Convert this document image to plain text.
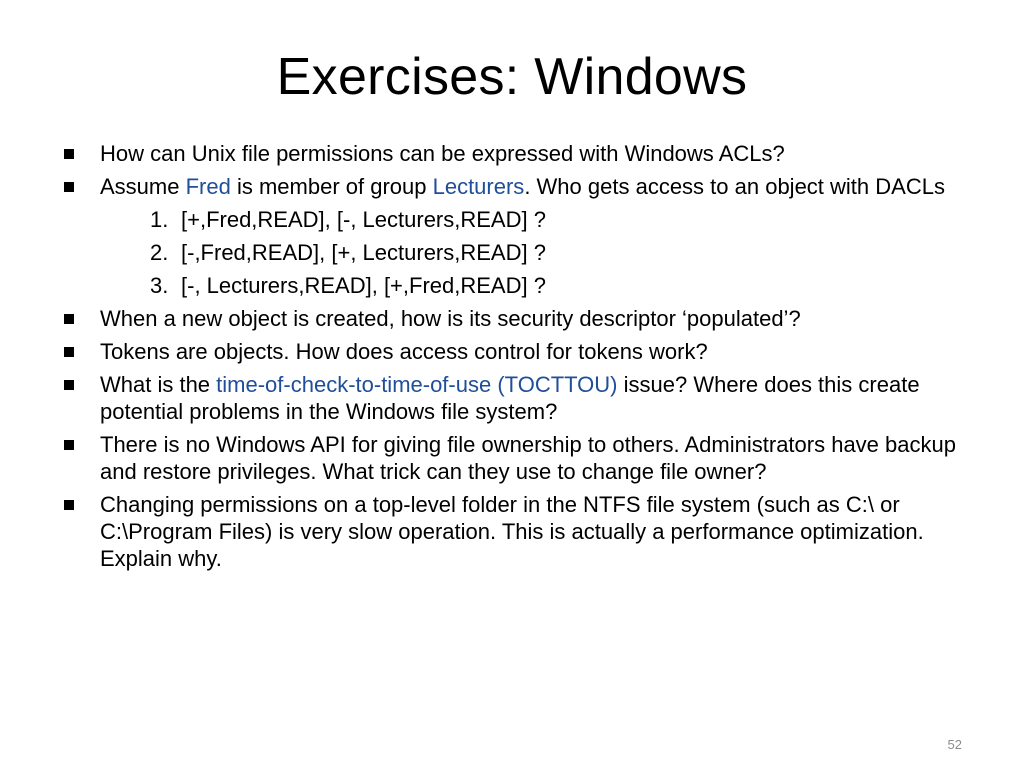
Exercises: Windows
How can Unix file permissions can be expressed with Windows ACLs?
Assume Fred is member of group Lecturers. Who gets access to an object with DACLs
1. [+,Fred,READ], [-, Lecturers,READ] ?
2. [-,Fred,READ], [+, Lecturers,READ] ?
3. [-, Lecturers,READ], [+,Fred,READ] ?
When a new object is created, how is its security descriptor ‘populated’?
Tokens are objects. How does access control for tokens work?
What is the time-of-check-to-time-of-use (TOCTTOU) issue? Where does this create potential problems in the Windows file system?
There is no Windows API for giving file ownership to others. Administrators have backup and restore privileges. What trick can they use to change file owner?
Changing permissions on a top-level folder in the NTFS file system (such as C:\ or C:\Program Files) is very slow operation. This is actually a performance optimization. Explain why.
52
